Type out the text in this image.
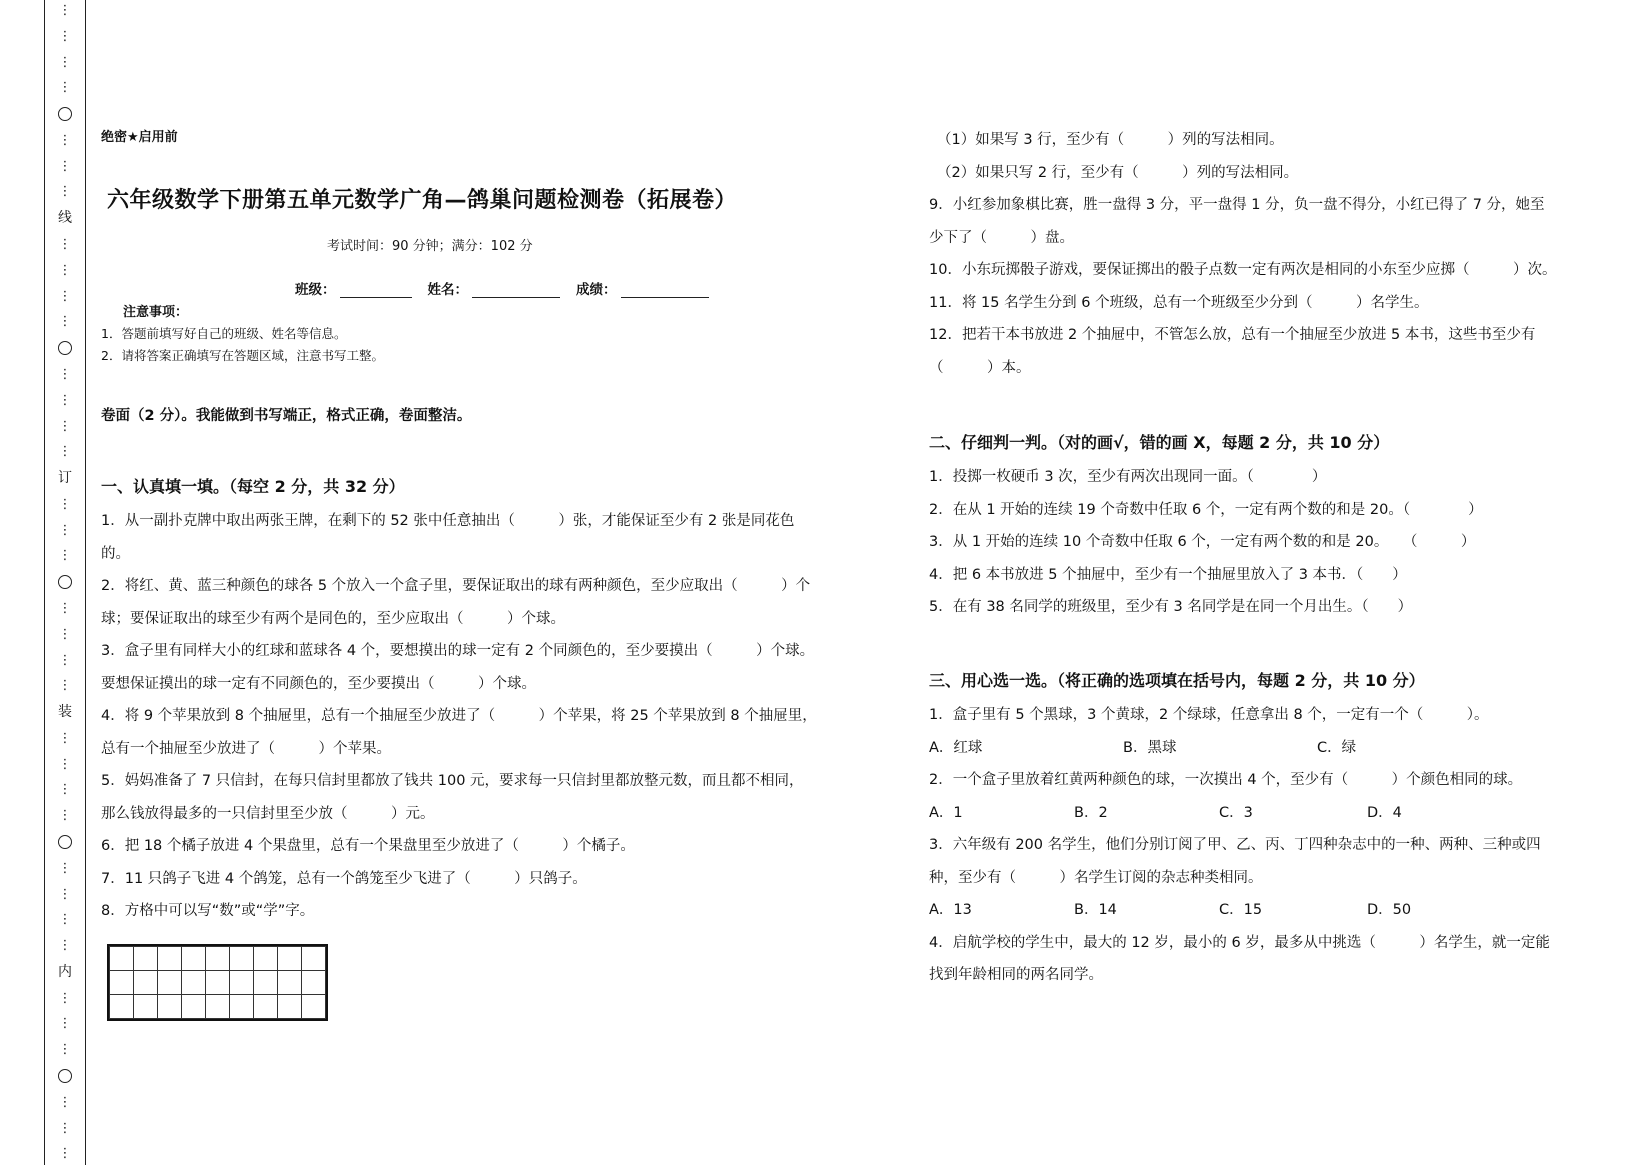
⋮
⋮
⋮
⋮
⋮
⋮
⋮
线
⋮
⋮
⋮
⋮
⋮
⋮
⋮
⋮
订
⋮
⋮
⋮
⋮
⋮
⋮
⋮
装
⋮
⋮
⋮
⋮
⋮
⋮
⋮
⋮
内
⋮
⋮
⋮
⋮
⋮
⋮
绝密★启用前
六年级数学下册第五单元数学广角—鸽巢问题检测卷（拓展卷）
考试时间：90 分钟；满分：102 分
班级：	姓名：	成绩：
注意事项：
1．答题前填写好自己的班级、姓名等信息。
2．请将答案正确填写在答题区域，注意书写工整。
卷面（2 分）。我能做到书写端正，格式正确，卷面整洁。
一、认真填一填。（每空 2 分，共 32 分）

1．从一副扑克牌中取出两张王牌，在剩下的 52 张中任意抽出（　　　）张，才能保证至少有 2 张是同花色的。

2．将红、黄、蓝三种颜色的球各 5 个放入一个盒子里，要保证取出的球有两种颜色，至少应取出（　　　）个球；要保证取出的球至少有两个是同色的，至少应取出（　　　）个球。

3．盒子里有同样大小的红球和蓝球各 4 个，要想摸出的球一定有 2 个同颜色的，至少要摸出（　　　）个球。要想保证摸出的球一定有不同颜色的，至少要摸出（　　　）个球。

4．将 9 个苹果放到 8 个抽屉里，总有一个抽屉至少放进了（　　　）个苹果，将 25 个苹果放到 8 个抽屉里，总有一个抽屉至少放进了（　　　）个苹果。

5．妈妈准备了 7 只信封，在每只信封里都放了钱共 100 元，要求每一只信封里都放整元数，而且都不相同，那么钱放得最多的一只信封里至少放（　　　）元。

6．把 18 个橘子放进 4 个果盘里，总有一个果盘里至少放进了（　　　）个橘子。

7．11 只鸽子飞进 4 个鸽笼，总有一个鸽笼至少飞进了（　　　）只鸽子。

8．方格中可以写“数”或“学”字。

（1）如果写 3 行，至少有（　　　）列的写法相同。

（2）如果只写 2 行，至少有（　　　）列的写法相同。

9．小红参加象棋比赛，胜一盘得 3 分，平一盘得 1 分，负一盘不得分，小红已得了 7 分，她至少下了（　　　）盘。

10．小东玩掷骰子游戏，要保证掷出的骰子点数一定有两次是相同的小东至少应掷（　　　）次。

11．将 15 名学生分到 6 个班级，总有一个班级至少分到（　　　）名学生。

12．把若干本书放进 2 个抽屉中，不管怎么放，总有一个抽屉至少放进 5 本书，这些书至少有（　　　）本。

二、仔细判一判。（对的画√，错的画 X，每题 2 分，共 10 分）

1．投掷一枚硬币 3 次，至少有两次出现同一面。（　　　　）

2．在从 1 开始的连续 19 个奇数中任取 6 个，一定有两个数的和是 20。（　　　　）

3．从 1 开始的连续 10 个奇数中任取 6 个，一定有两个数的和是 20。　　（　　　）

4．把 6 本书放进 5 个抽屉中，至少有一个抽屉里放入了 3 本书．（　　）

5．在有 38 名同学的班级里，至少有 3 名同学是在同一个月出生。（　　）

三、用心选一选。（将正确的选项填在括号内，每题 2 分，共 10 分）

1．盒子里有 5 个黑球，3 个黄球，2 个绿球，任意拿出 8 个，一定有一个（　　　）。

A．红球	B．黑球	C．绿

2．一个盒子里放着红黄两种颜色的球，一次摸出 4 个，至少有（　　　）个颜色相同的球。

A．1	B．2	C．3	D．4

3．六年级有 200 名学生，他们分别订阅了甲、乙、丙、丁四种杂志中的一种、两种、三种或四种，至少有（　　　）名学生订阅的杂志种类相同。

A．13	B．14	C．15	D．50

4．启航学校的学生中，最大的 12 岁，最小的 6 岁，最多从中挑选（　　　）名学生，就一定能找到年龄相同的两名同学。
